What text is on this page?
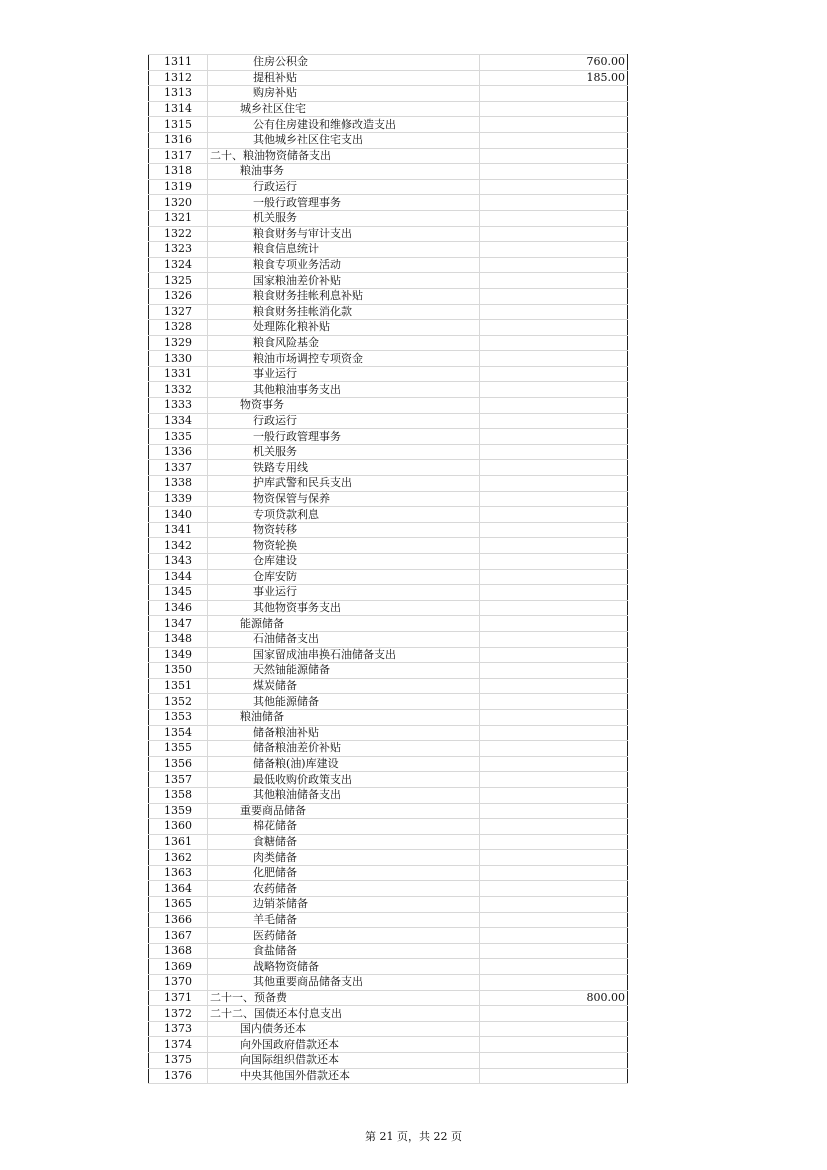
1311	住房公积金	760.00
1312	提租补贴	185.00
1313	购房补贴	
1314	城乡社区住宅	
1315	公有住房建设和维修改造支出	
1316	其他城乡社区住宅支出	
1317	二十、粮油物资储备支出	
1318	粮油事务	
1319	行政运行	
1320	一般行政管理事务	
1321	机关服务	
1322	粮食财务与审计支出	
1323	粮食信息统计	
1324	粮食专项业务活动	
1325	国家粮油差价补贴	
1326	粮食财务挂帐利息补贴	
1327	粮食财务挂帐消化款	
1328	处理陈化粮补贴	
1329	粮食风险基金	
1330	粮油市场调控专项资金	
1331	事业运行	
1332	其他粮油事务支出	
1333	物资事务	
1334	行政运行	
1335	一般行政管理事务	
1336	机关服务	
1337	铁路专用线	
1338	护库武警和民兵支出	
1339	物资保管与保养	
1340	专项贷款利息	
1341	物资转移	
1342	物资轮换	
1343	仓库建设	
1344	仓库安防	
1345	事业运行	
1346	其他物资事务支出	
1347	能源储备	
1348	石油储备支出	
1349	国家留成油串换石油储备支出	
1350	天然铀能源储备	
1351	煤炭储备	
1352	其他能源储备	
1353	粮油储备	
1354	储备粮油补贴	
1355	储备粮油差价补贴	
1356	储备粮(油)库建设	
1357	最低收购价政策支出	
1358	其他粮油储备支出	
1359	重要商品储备	
1360	棉花储备	
1361	食糖储备	
1362	肉类储备	
1363	化肥储备	
1364	农药储备	
1365	边销茶储备	
1366	羊毛储备	
1367	医药储备	
1368	食盐储备	
1369	战略物资储备	
1370	其他重要商品储备支出	
1371	二十一、预备费	800.00
1372	二十二、国债还本付息支出	
1373	国内债务还本	
1374	向外国政府借款还本	
1375	向国际组织借款还本	
1376	中央其他国外借款还本	
第 21 页，共 22 页
